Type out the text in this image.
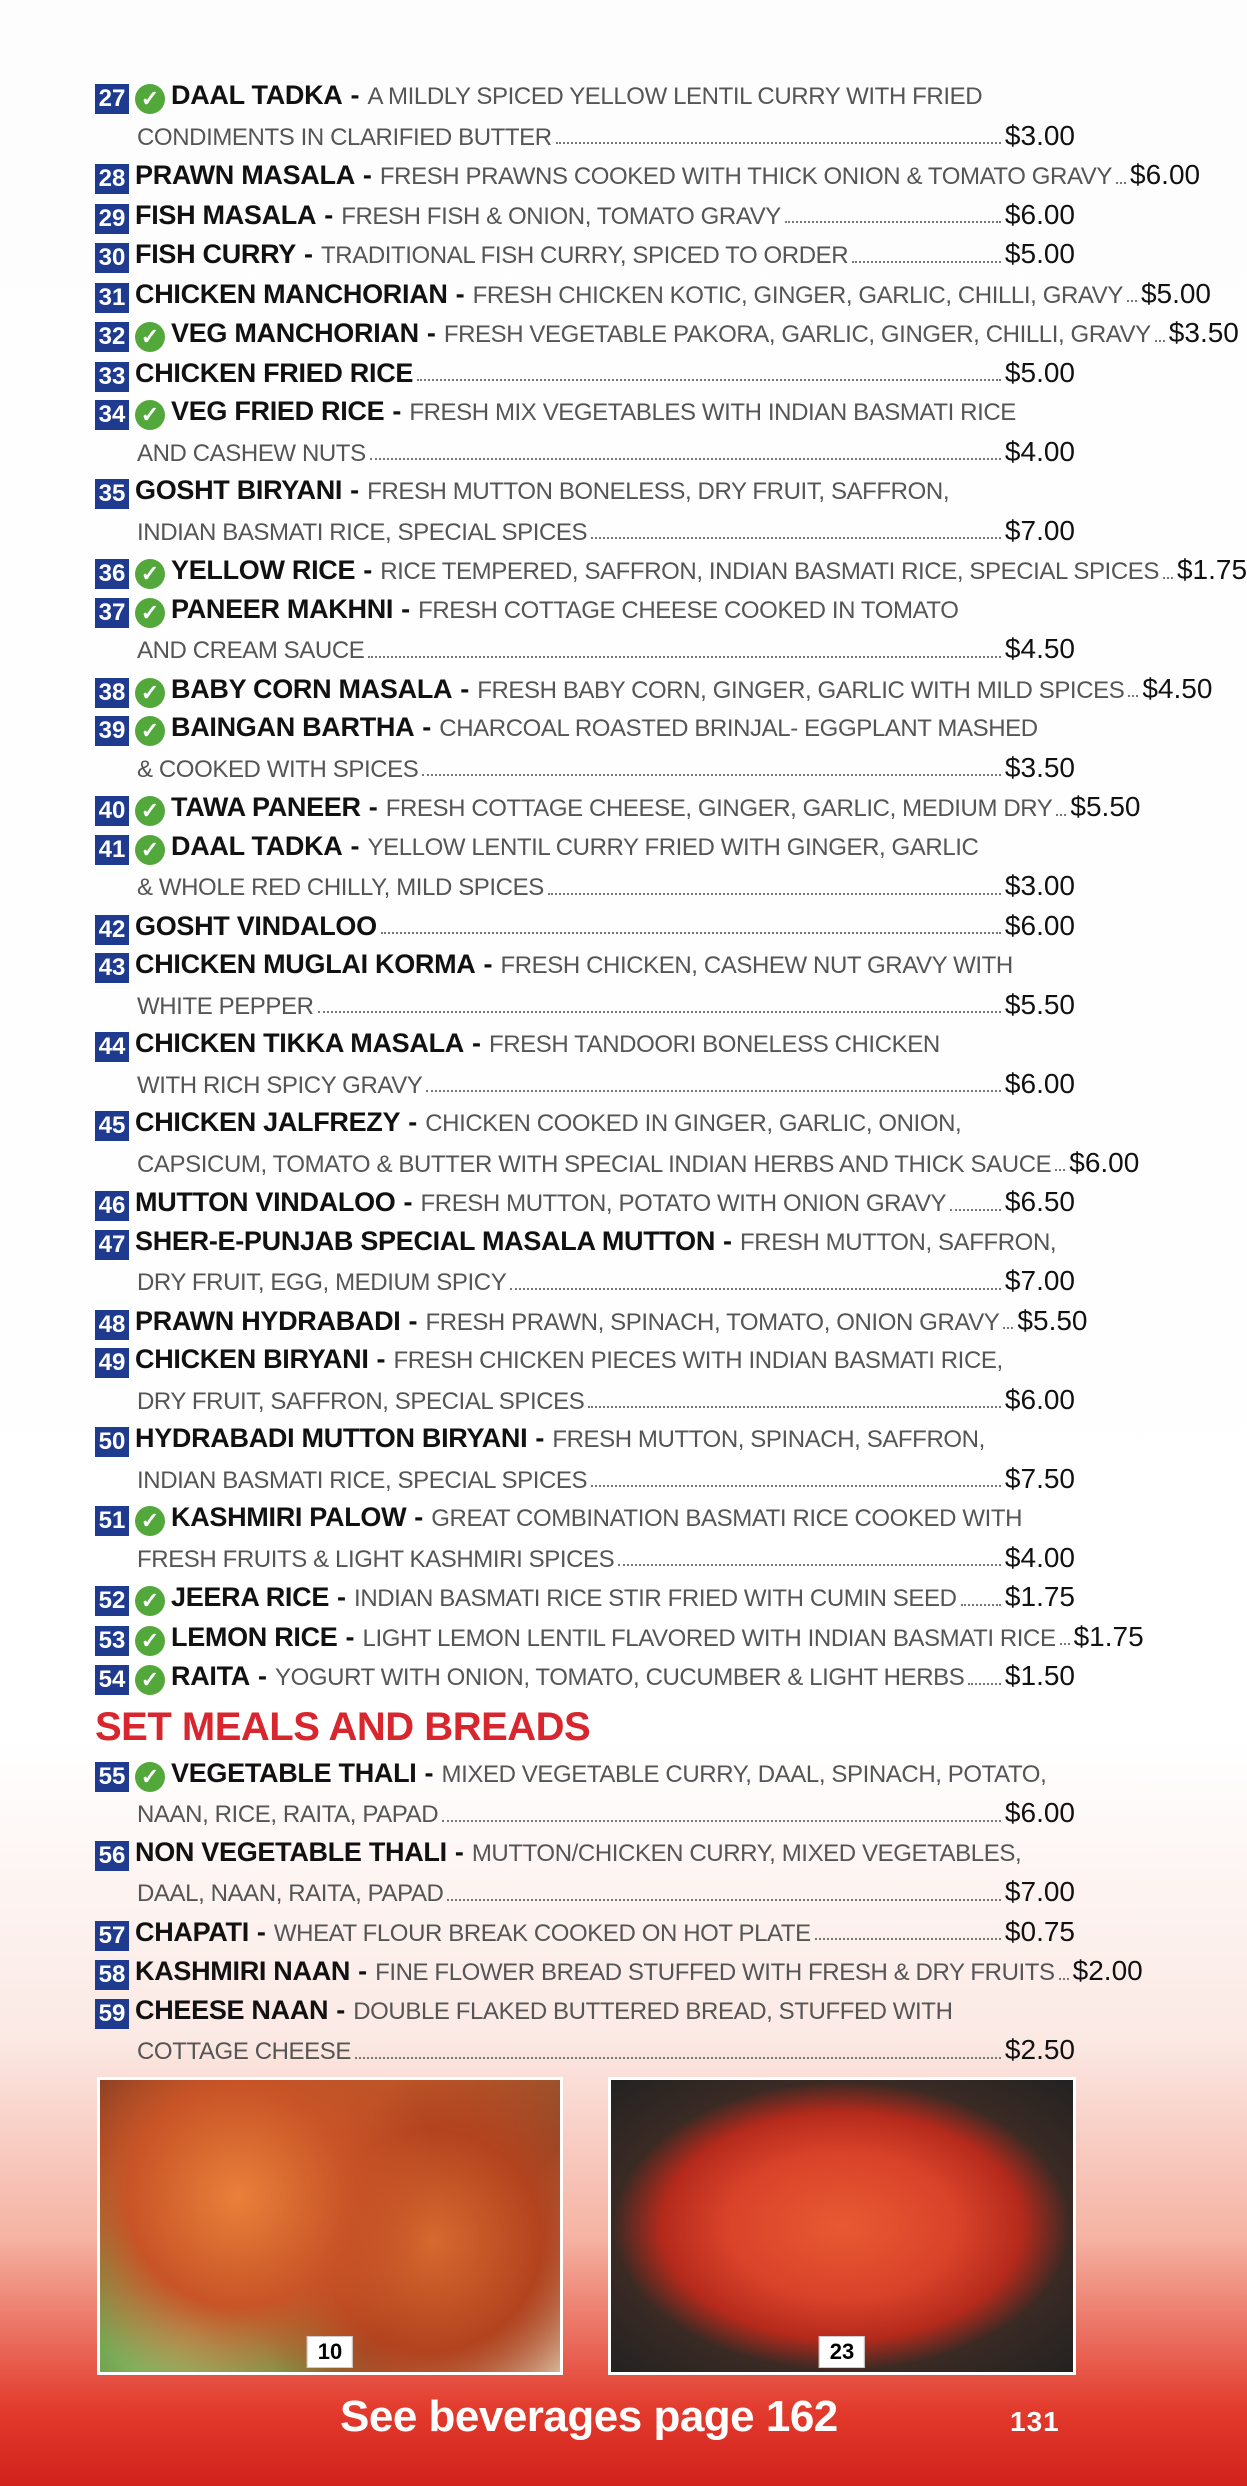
27 ✓ DAAL TADKA - A MILDLY SPICED YELLOW LENTIL CURRY WITH FRIED
CONDIMENTS IN CLARIFIED BUTTER	$3.00
28 PRAWN MASALA - FRESH PRAWNS COOKED WITH THICK ONION & TOMATO GRAVY $6.00
29 FISH MASALA - FRESH FISH & ONION, TOMATO GRAVY	$6.00
30 FISH CURRY - TRADITIONAL FISH CURRY, SPICED TO ORDER	$5.00
31 CHICKEN MANCHORIAN - FRESH CHICKEN KOTIC, GINGER, GARLIC, CHILLI, GRAVY $5.00
32 ✓ VEG MANCHORIAN - FRESH VEGETABLE PAKORA, GARLIC, GINGER, CHILLI, GRAVY $3.50
33 CHICKEN FRIED RICE	$5.00
34 ✓ VEG FRIED RICE - FRESH MIX VEGETABLES WITH INDIAN BASMATI RICE
AND CASHEW NUTS	$4.00
35 GOSHT BIRYANI - FRESH MUTTON BONELESS, DRY FRUIT, SAFFRON,
INDIAN BASMATI RICE, SPECIAL SPICES	$7.00
36 ✓ YELLOW RICE - RICE TEMPERED, SAFFRON, INDIAN BASMATI RICE, SPECIAL SPICES $1.75
37 ✓ PANEER MAKHNI - FRESH COTTAGE CHEESE COOKED IN TOMATO
AND CREAM SAUCE	$4.50
38 ✓ BABY CORN MASALA - FRESH BABY CORN, GINGER, GARLIC WITH MILD SPICES $4.50
39 ✓ BAINGAN BARTHA - CHARCOAL ROASTED BRINJAL- EGGPLANT MASHED
& COOKED WITH SPICES	$3.50
40 ✓ TAWA PANEER - FRESH COTTAGE CHEESE, GINGER, GARLIC, MEDIUM DRY $5.50
41 ✓ DAAL TADKA - YELLOW LENTIL CURRY FRIED WITH GINGER, GARLIC
& WHOLE RED CHILLY, MILD SPICES	$3.00
42 GOSHT VINDALOO	$6.00
43 CHICKEN MUGLAI KORMA - FRESH CHICKEN, CASHEW NUT GRAVY WITH
WHITE PEPPER	$5.50
44 CHICKEN TIKKA MASALA - FRESH TANDOORI BONELESS CHICKEN
WITH RICH SPICY GRAVY	$6.00
45 CHICKEN JALFREZY - CHICKEN COOKED IN GINGER, GARLIC, ONION,
CAPSICUM, TOMATO & BUTTER WITH SPECIAL INDIAN HERBS AND THICK SAUCE $6.00
46 MUTTON VINDALOO - FRESH MUTTON, POTATO WITH ONION GRAVY $6.50
47 SHER-E-PUNJAB SPECIAL MASALA MUTTON - FRESH MUTTON, SAFFRON,
DRY FRUIT, EGG, MEDIUM SPICY	$7.00
48 PRAWN HYDRABADI - FRESH PRAWN, SPINACH, TOMATO, ONION GRAVY $5.50
49 CHICKEN BIRYANI - FRESH CHICKEN PIECES WITH INDIAN BASMATI RICE,
DRY FRUIT, SAFFRON, SPECIAL SPICES	$6.00
50 HYDRABADI MUTTON BIRYANI - FRESH MUTTON, SPINACH, SAFFRON,
INDIAN BASMATI RICE, SPECIAL SPICES	$7.50
51 ✓ KASHMIRI PALOW - GREAT COMBINATION BASMATI RICE COOKED WITH
FRESH FRUITS & LIGHT KASHMIRI SPICES	$4.00
52 ✓ JEERA RICE - INDIAN BASMATI RICE STIR FRIED WITH CUMIN SEED $1.75
53 ✓ LEMON RICE - LIGHT LEMON LENTIL FLAVORED WITH INDIAN BASMATI RICE $1.75
54 ✓ RAITA - YOGURT WITH ONION, TOMATO, CUCUMBER & LIGHT HERBS $1.50
SET MEALS AND BREADS
55 ✓ VEGETABLE THALI - MIXED VEGETABLE CURRY, DAAL, SPINACH, POTATO,
NAAN, RICE, RAITA, PAPAD	$6.00
56 NON VEGETABLE THALI - MUTTON/CHICKEN CURRY, MIXED VEGETABLES,
DAAL, NAAN, RAITA, PAPAD	$7.00
57 CHAPATI - WHEAT FLOUR BREAK COOKED ON HOT PLATE	$0.75
58 KASHMIRI NAAN - FINE FLOWER BREAD STUFFED WITH FRESH & DRY FRUITS $2.00
59 CHEESE NAAN - DOUBLE FLAKED BUTTERED BREAD, STUFFED WITH
COTTAGE CHEESE	$2.50
10	23
See beverages page 162	131
